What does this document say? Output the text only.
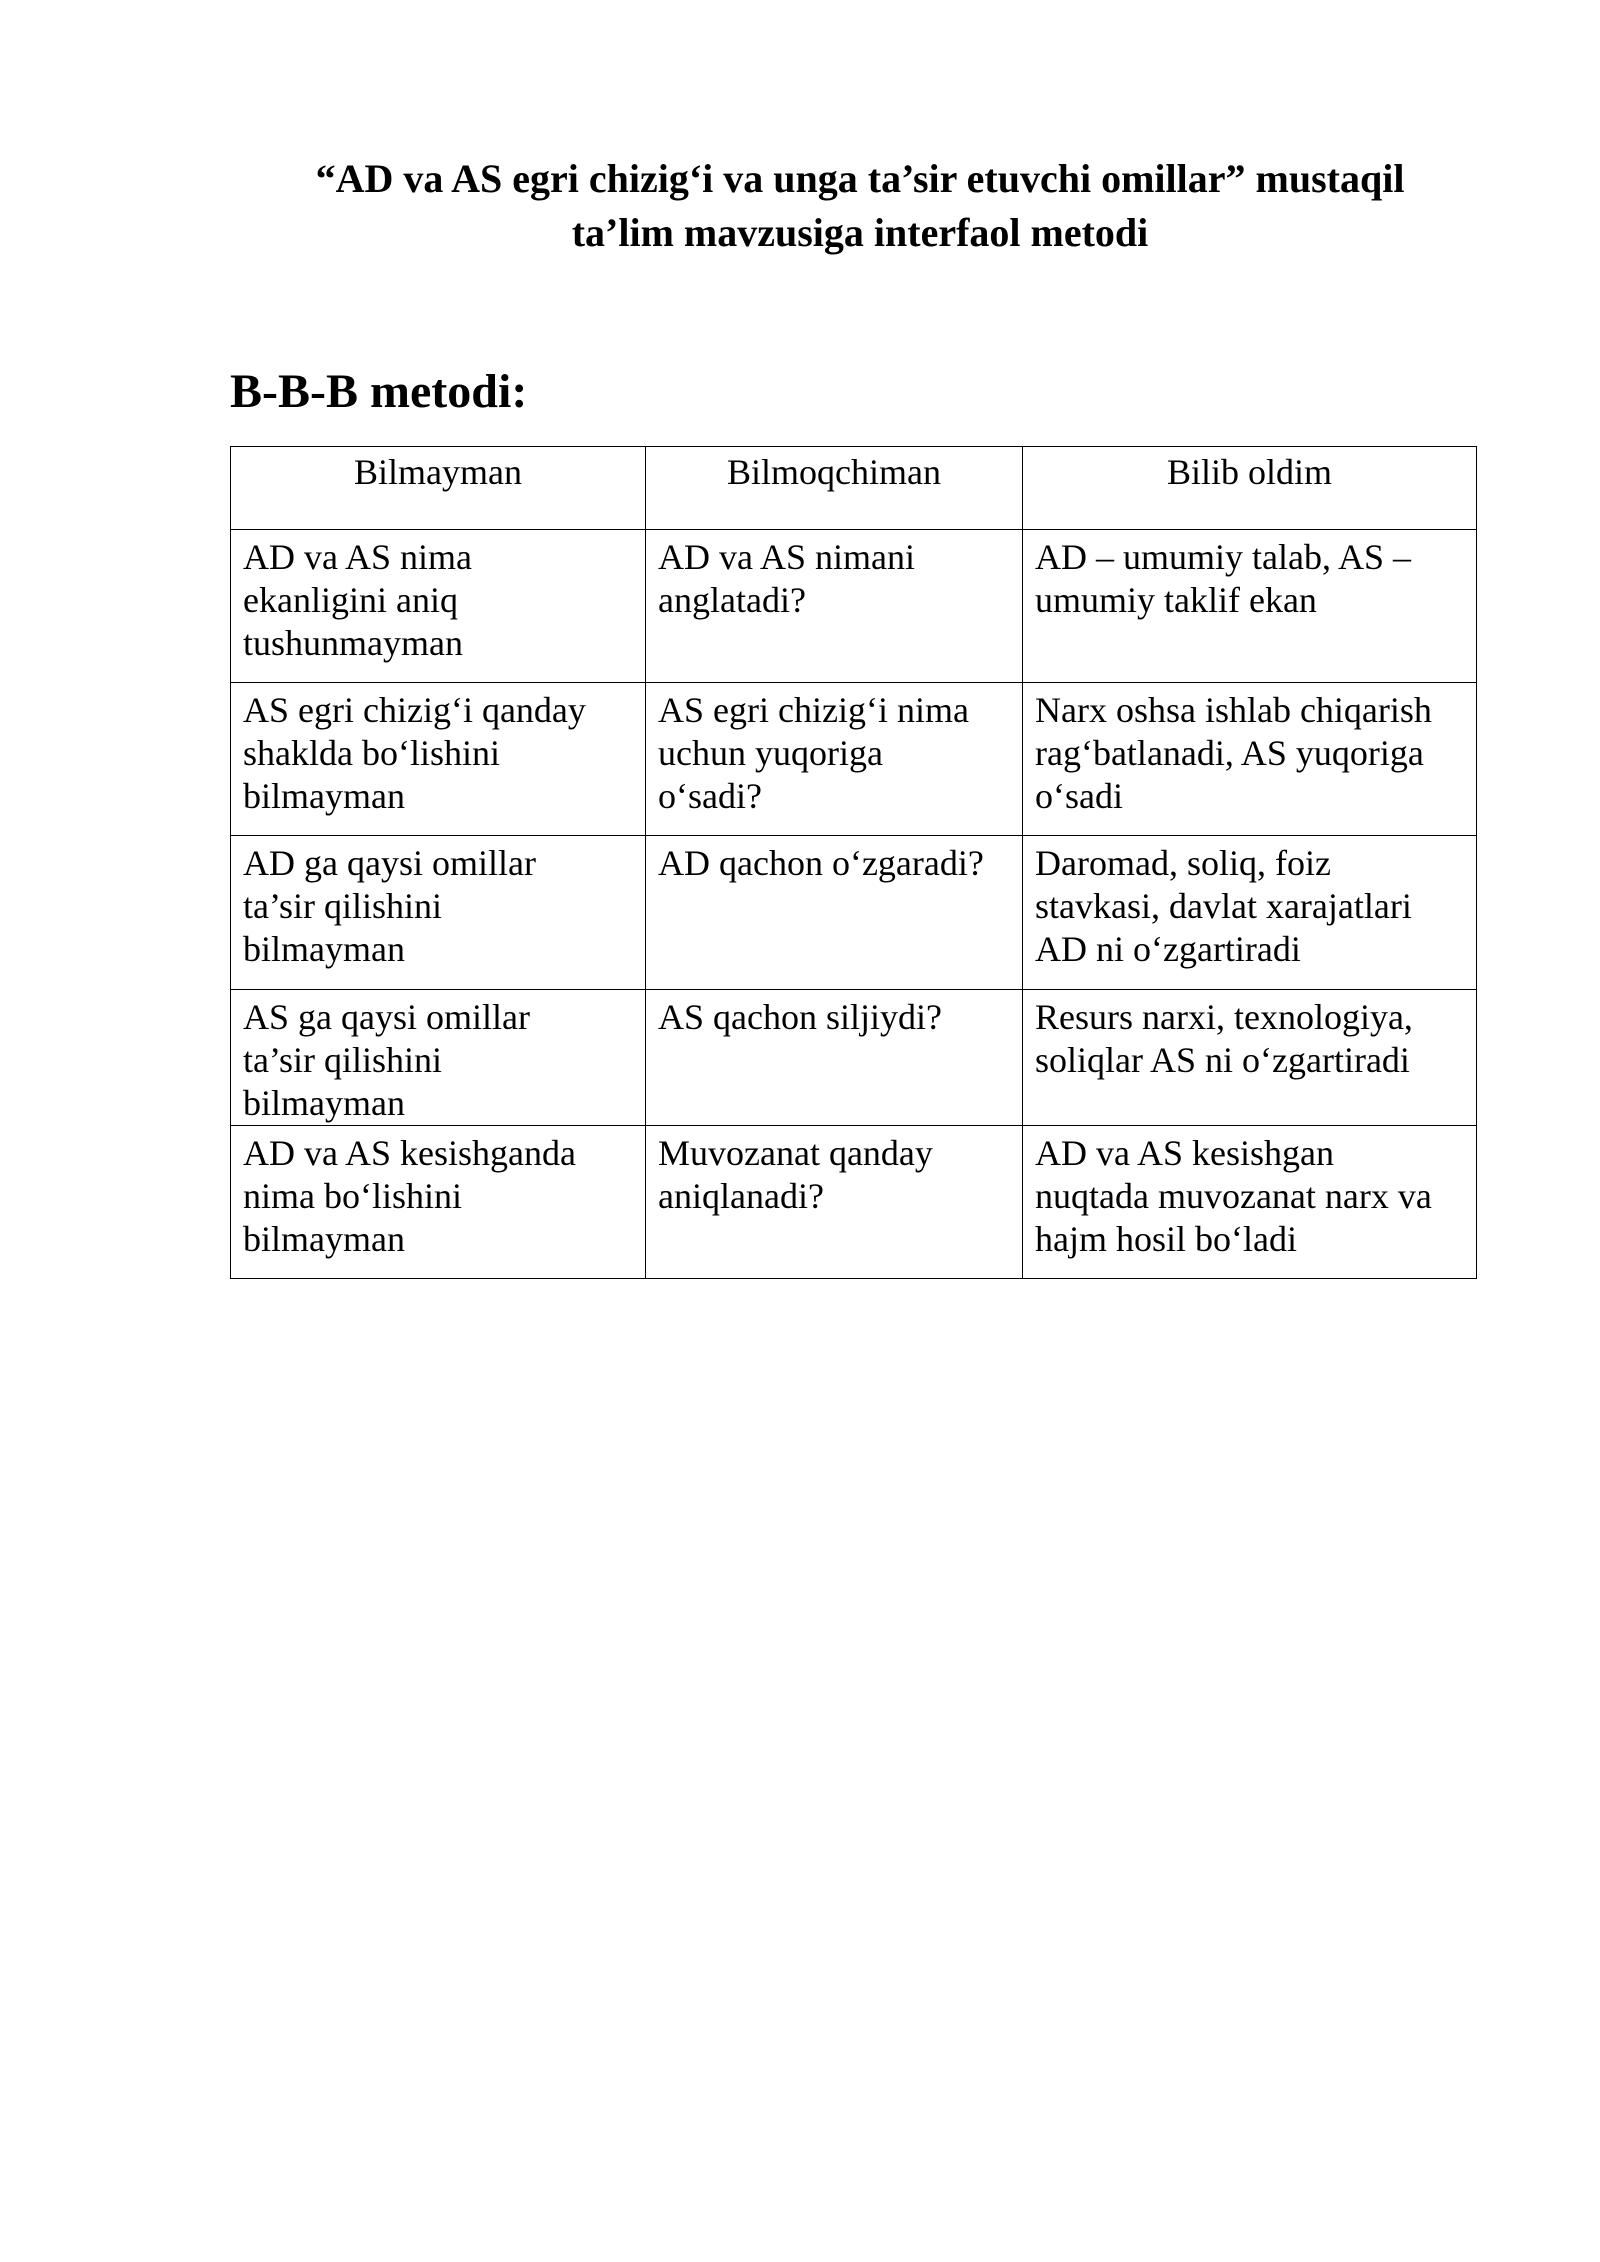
“AD va AS egri chizig‘i va unga ta’sir etuvchi omillar” mustaqil
ta’lim mavzusiga interfaol metodi
B-B-B metodi:
Bilmayman	Bilmoqchiman	Bilib oldim

AD va AS nima
ekanligini aniq
tushunmayman	AD va AS nimani
anglatadi?	AD – umumiy talab, AS –
umumiy taklif ekan

AS egri chizig‘i qanday
shaklda bo‘lishini
bilmayman	AS egri chizig‘i nima
uchun yuqoriga
o‘sadi?	Narx oshsa ishlab chiqarish
rag‘batlanadi, AS yuqoriga
o‘sadi

AD ga qaysi omillar
ta’sir qilishini
bilmayman	AD qachon o‘zgaradi?	Daromad, soliq, foiz
stavkasi, davlat xarajatlari
AD ni o‘zgartiradi

AS ga qaysi omillar
ta’sir qilishini
bilmayman	AS qachon siljiydi?	Resurs narxi, texnologiya,
soliqlar AS ni o‘zgartiradi

AD va AS kesishganda
nima bo‘lishini
bilmayman	Muvozanat qanday
aniqlanadi?	AD va AS kesishgan
nuqtada muvozanat narx va
hajm hosil bo‘ladi
